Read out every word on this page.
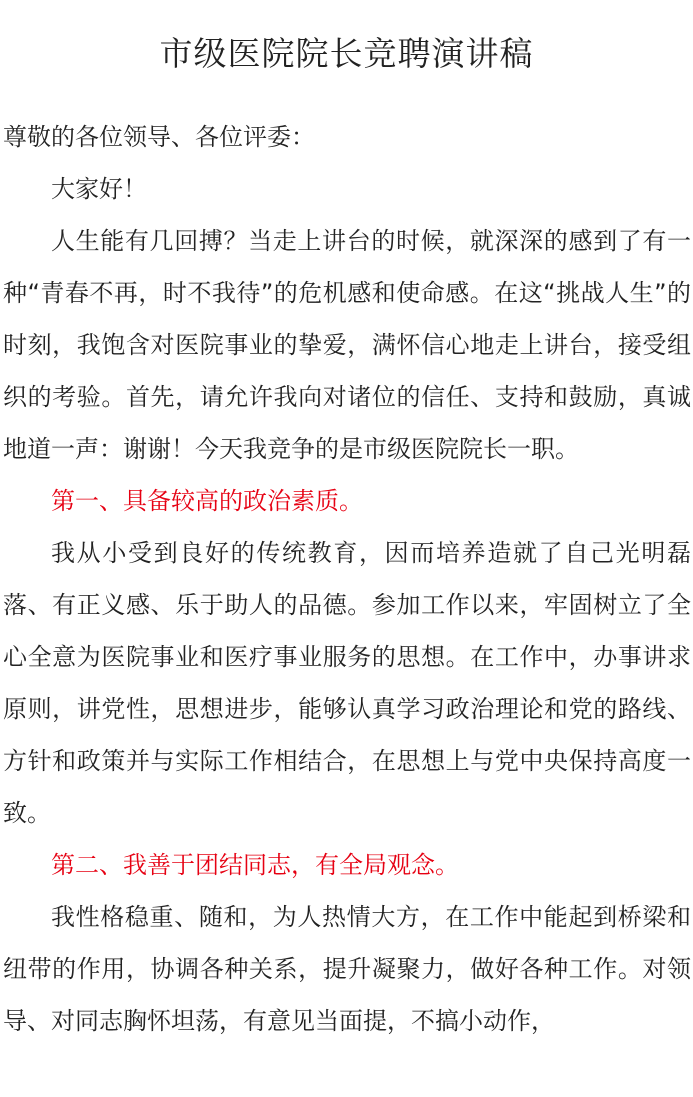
市级医院院长竞聘演讲稿

尊敬的各位领导、各位评委：

大家好！

人生能有几回搏？当走上讲台的时候，就深深的感到了有一种“青春不再，时不我待”的危机感和使命感。在这“挑战人生”的时刻，我饱含对医院事业的挚爱，满怀信心地走上讲台，接受组织的考验。首先，请允许我向对诸位的信任、支持和鼓励，真诚地道一声：谢谢！今天我竞争的是市级医院院长一职。

第一、具备较高的政治素质。

我从小受到良好的传统教育，因而培养造就了自己光明磊落、有正义感、乐于助人的品德。参加工作以来，牢固树立了全心全意为医院事业和医疗事业服务的思想。在工作中，办事讲求原则，讲党性，思想进步，能够认真学习政治理论和党的路线、方针和政策并与实际工作相结合，在思想上与党中央保持高度一致。

第二、我善于团结同志，有全局观念。

我性格稳重、随和，为人热情大方，在工作中能起到桥梁和纽带的作用，协调各种关系，提升凝聚力，做好各种工作。对领导、对同志胸怀坦荡，有意见当面提，不搞小动作，
